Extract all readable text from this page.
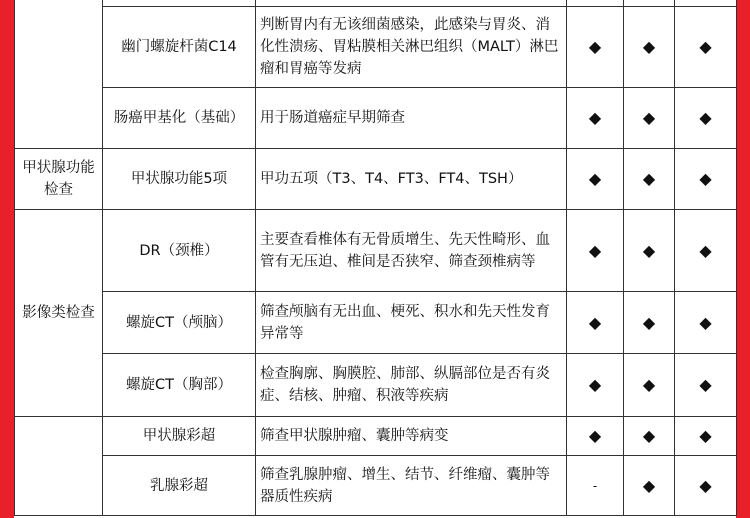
	幽门螺旋杆菌C14	判断胃内有无该细菌感染，此感染与胃炎、消化性溃疡、胃粘膜相关淋巴组织（MALT）淋巴瘤和胃癌等发病	◆	◆	◆
	肠癌甲基化（基础）	用于肠道癌症早期筛查	◆	◆	◆
甲状腺功能检查	甲状腺功能5项	甲功五项（T3、T4、FT3、FT4、TSH）	◆	◆	◆
影像类检查	DR（颈椎）	主要查看椎体有无骨质增生、先天性畸形、血管有无压迫、椎间是否狭窄、筛查颈椎病等	◆	◆	◆
	螺旋CT（颅脑）	筛查颅脑有无出血、梗死、积水和先天性发育异常等	◆	◆	◆
	螺旋CT（胸部）	检查胸廓、胸膜腔、肺部、纵膈部位是否有炎症、结核、肿瘤、积液等疾病	◆	◆	◆
	甲状腺彩超	筛查甲状腺肿瘤、囊肿等病变	◆	◆	◆
	乳腺彩超	筛查乳腺肿瘤、增生、结节、纤维瘤、囊肿等器质性疾病	-	◆	◆
